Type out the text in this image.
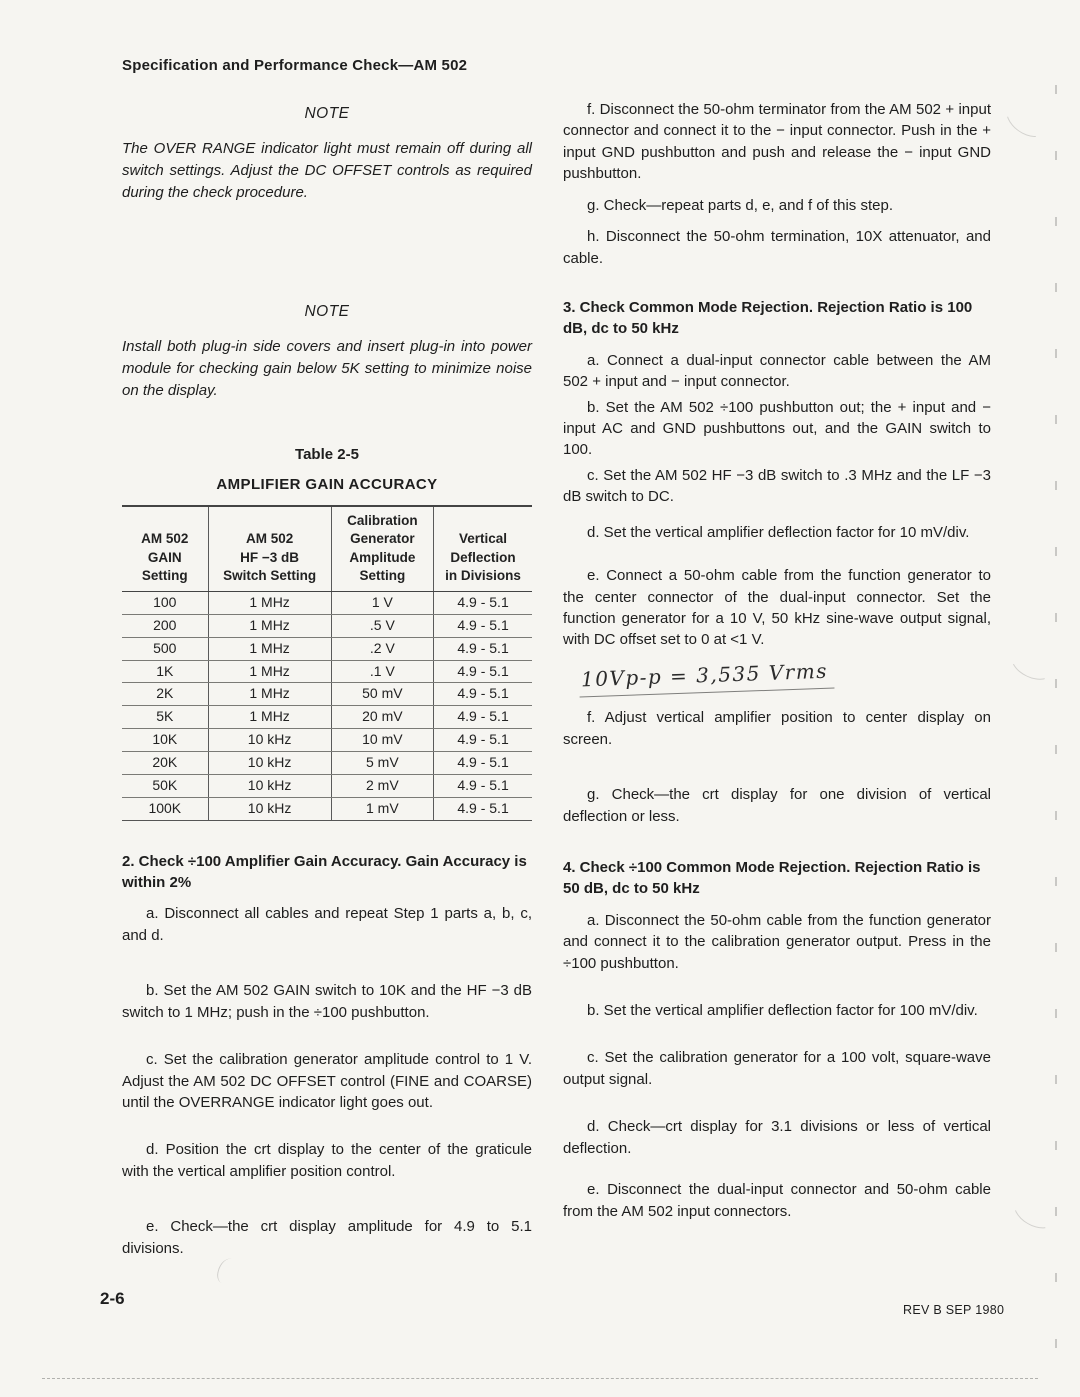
Specification and Performance Check—AM 502
NOTE

The OVER RANGE indicator light must remain off during all switch settings. Adjust the DC OFFSET controls as required during the check procedure.

NOTE

Install both plug-in side covers and insert plug-in into power module for checking gain below 5K setting to minimize noise on the display.

Table 2-5
AMPLIFIER GAIN ACCURACY
AM 502
GAIN
Setting	AM 502
HF −3 dB
Switch Setting	Calibration
Generator
Amplitude
Setting	Vertical
Deflection
in Divisions

100	1 MHz	1 V	4.9 - 5.1
200	1 MHz	.5 V	4.9 - 5.1
500	1 MHz	.2 V	4.9 - 5.1
1K	1 MHz	.1 V	4.9 - 5.1
2K	1 MHz	50 mV	4.9 - 5.1
5K	1 MHz	20 mV	4.9 - 5.1
10K	10 kHz	10 mV	4.9 - 5.1
20K	10 kHz	5 mV	4.9 - 5.1
50K	10 kHz	2 mV	4.9 - 5.1
100K	10 kHz	1 mV	4.9 - 5.1

2. Check ÷100 Amplifier Gain Accuracy. Gain Accuracy is within 2%

a. Disconnect all cables and repeat Step 1 parts a, b, c, and d.

b. Set the AM 502 GAIN switch to 10K and the HF −3 dB switch to 1 MHz; push in the ÷100 pushbutton.

c. Set the calibration generator amplitude control to 1 V. Adjust the AM 502 DC OFFSET control (FINE and COARSE) until the OVERRANGE indicator light goes out.

d. Position the crt display to the center of the graticule with the vertical amplifier position control.

e. Check—the crt display amplitude for 4.9 to 5.1 divisions.

f. Disconnect the 50-ohm terminator from the AM 502 + input connector and connect it to the − input connector. Push in the + input GND pushbutton and push and release the − input GND pushbutton.

g. Check—repeat parts d, e, and f of this step.

h. Disconnect the 50-ohm termination, 10X attenuator, and cable.

3. Check Common Mode Rejection. Rejection Ratio is 100 dB, dc to 50 kHz

a. Connect a dual-input connector cable between the AM 502 + input and − input connector.

b. Set the AM 502 ÷100 pushbutton out; the + input and − input AC and GND pushbuttons out, and the GAIN switch to 100.

c. Set the AM 502 HF −3 dB switch to .3 MHz and the LF −3 dB switch to DC.

d. Set the vertical amplifier deflection factor for 10 mV/div.

e. Connect a 50-ohm cable from the function generator to the center connector of the dual-input connector. Set the function generator for a 10 V, 50 kHz sine-wave output signal, with DC offset set to 0 at <1 V.

10Vp-p = 3,535 Vrms

f. Adjust vertical amplifier position to center display on screen.

g. Check—the crt display for one division of vertical deflection or less.

4. Check ÷100 Common Mode Rejection. Rejection Ratio is 50 dB, dc to 50 kHz

a. Disconnect the 50-ohm cable from the function generator and connect it to the calibration generator output. Press in the ÷100 pushbutton.

b. Set the vertical amplifier deflection factor for 100 mV/div.

c. Set the calibration generator for a 100 volt, square-wave output signal.

d. Check—crt display for 3.1 divisions or less of vertical deflection.

e. Disconnect the dual-input connector and 50-ohm cable from the AM 502 input connectors.

2-6
REV B SEP 1980
